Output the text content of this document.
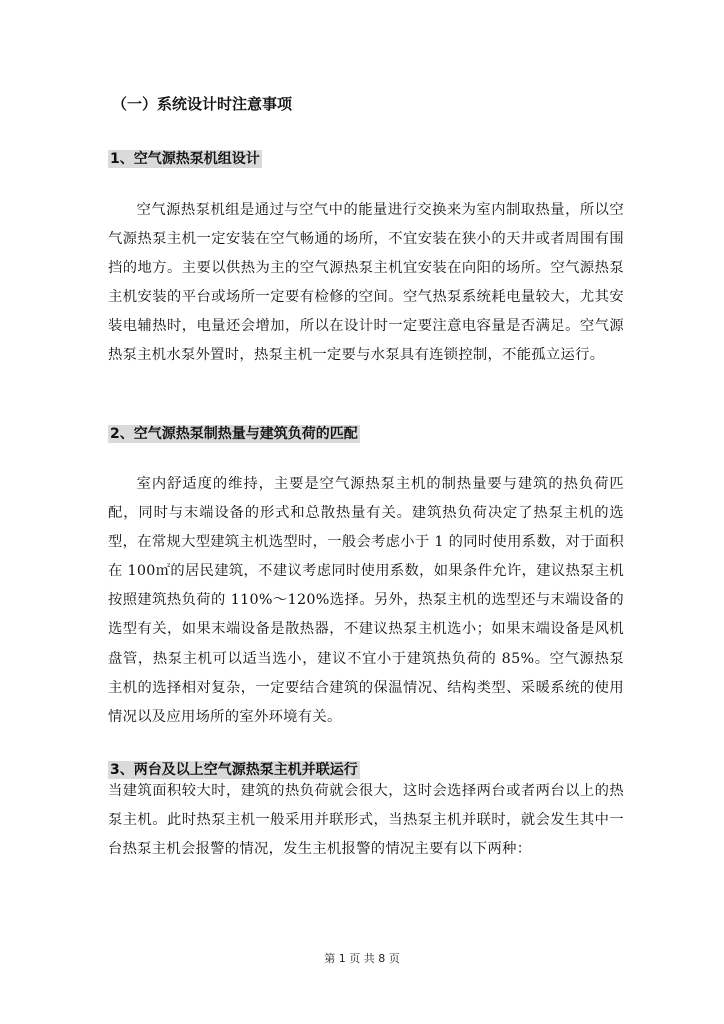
（一）系统设计时注意事项
1、空气源热泵机组设计

空气源热泵机组是通过与空气中的能量进行交换来为室内制取热量，所以空气源热泵主机一定安装在空气畅通的场所，不宜安装在狭小的天井或者周围有围挡的地方。主要以供热为主的空气源热泵主机宜安装在向阳的场所。空气源热泵主机安装的平台或场所一定要有检修的空间。空气热泵系统耗电量较大，尤其安装电辅热时，电量还会增加，所以在设计时一定要注意电容量是否满足。空气源热泵主机水泵外置时，热泵主机一定要与水泵具有连锁控制，不能孤立运行。

2、空气源热泵制热量与建筑负荷的匹配

室内舒适度的维持，主要是空气源热泵主机的制热量要与建筑的热负荷匹配，同时与末端设备的形式和总散热量有关。建筑热负荷决定了热泵主机的选型，在常规大型建筑主机选型时，一般会考虑小于 1 的同时使用系数，对于面积在 100㎡的居民建筑，不建议考虑同时使用系数，如果条件允许，建议热泵主机按照建筑热负荷的 110%～120%选择。另外，热泵主机的选型还与末端设备的选型有关，如果末端设备是散热器，不建议热泵主机选小；如果末端设备是风机盘管，热泵主机可以适当选小，建议不宜小于建筑热负荷的 85%。空气源热泵主机的选择相对复杂，一定要结合建筑的保温情况、结构类型、采暖系统的使用情况以及应用场所的室外环境有关。

3、两台及以上空气源热泵主机并联运行

当建筑面积较大时，建筑的热负荷就会很大，这时会选择两台或者两台以上的热泵主机。此时热泵主机一般采用并联形式，当热泵主机并联时，就会发生其中一台热泵主机会报警的情况，发生主机报警的情况主要有以下两种：

第 1 页 共 8 页
